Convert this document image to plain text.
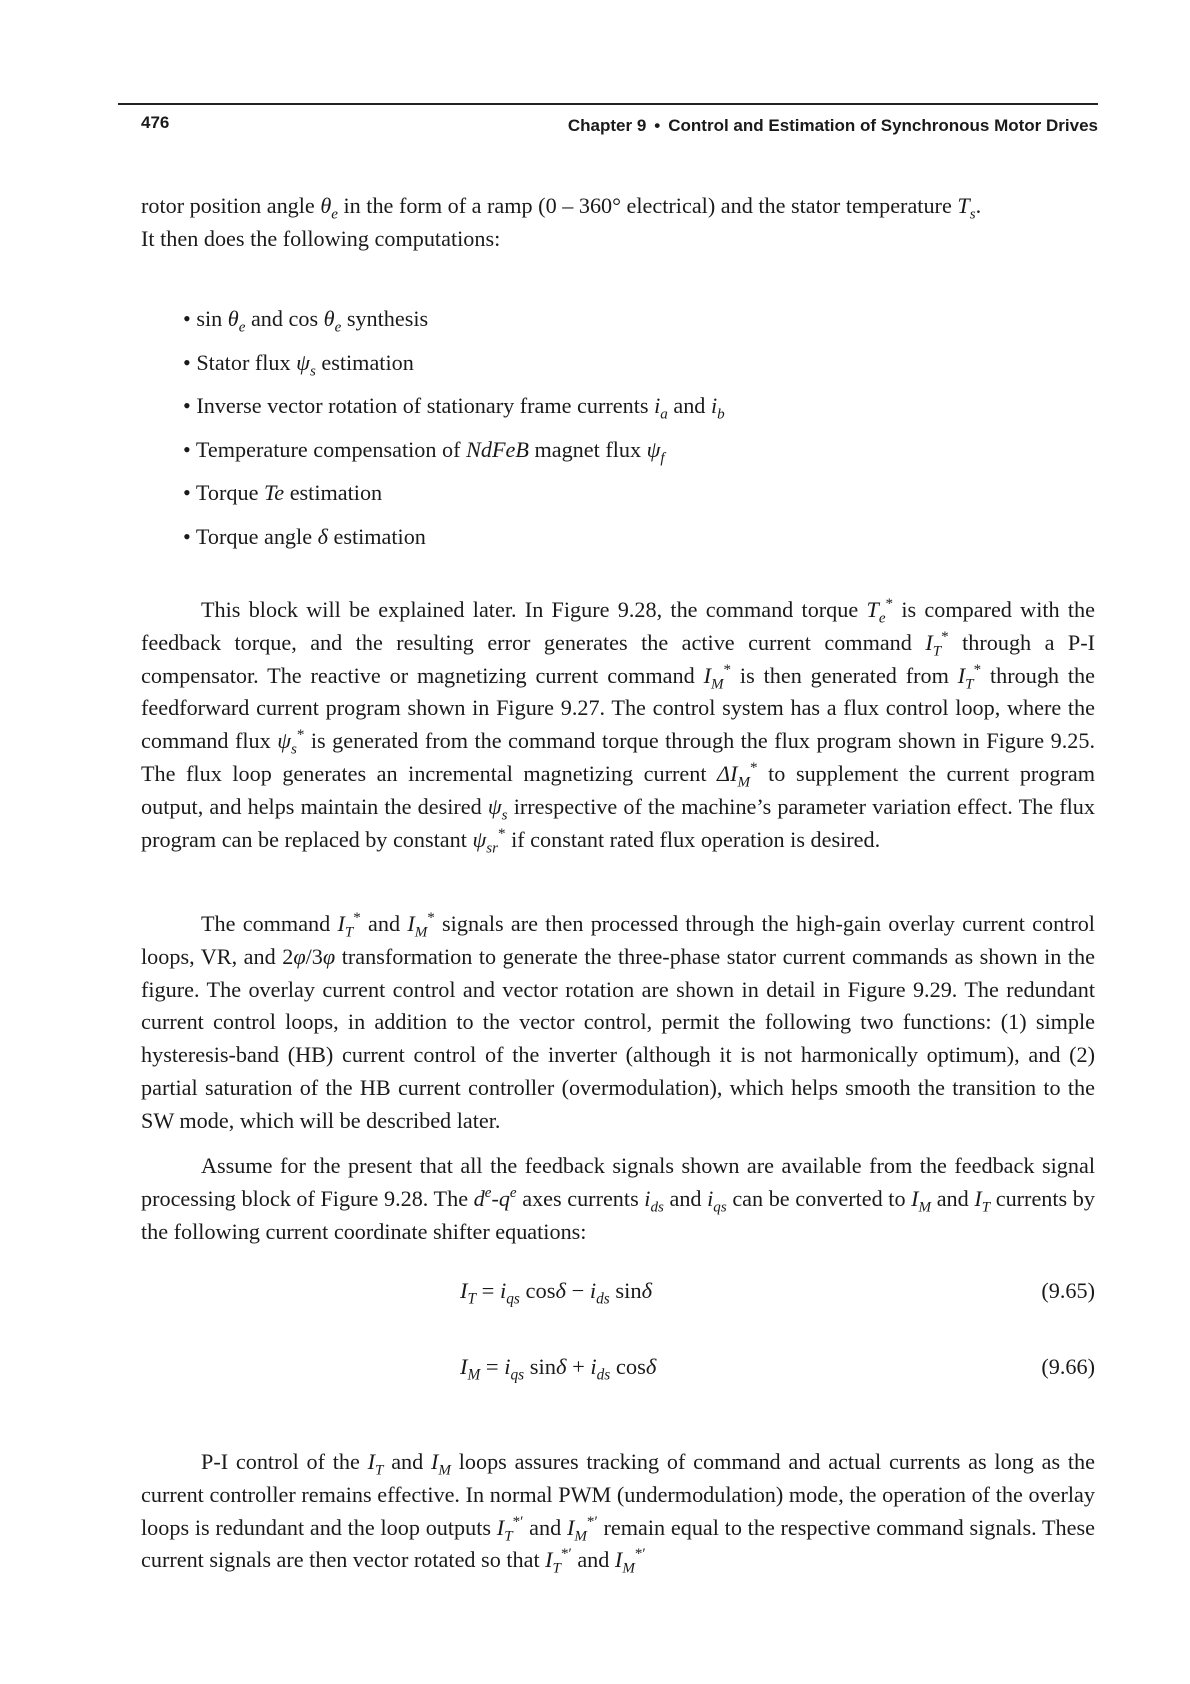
476	Chapter 9 • Control and Estimation of Synchronous Motor Drives
rotor position angle $\theta_e$ in the form of a ramp (0 – 360° electrical) and the stator temperature $T_s$.
It then does the following computations:
• $\sin \theta_e$ and $\cos \theta_e$ synthesis
• Stator flux $\psi_s$ estimation
• Inverse vector rotation of stationary frame currents $i_a$ and $i_b$
• Temperature compensation of NdFeB magnet flux $\psi_f$
• Torque Te estimation
• Torque angle δ estimation
This block will be explained later. In Figure 9.28, the command torque $T_e^*$ is compared with the feedback torque, and the resulting error generates the active current command $I_T^*$ through a P-I compensator. The reactive or magnetizing current command $I_M^*$ is then generated from $I_T^*$ through the feedforward current program shown in Figure 9.27. The control system has a flux control loop, where the command flux $\psi_s^*$ is generated from the command torque through the flux program shown in Figure 9.25. The flux loop generates an incremental magnetizing current $\Delta I_M^*$ to supplement the current program output, and helps maintain the desired $\psi_s$ irrespective of the machine’s parameter variation effect. The flux program can be replaced by constant $\psi_{sr}^*$ if constant rated flux operation is desired.
The command $I_T^*$ and $I_M^*$ signals are then processed through the high-gain overlay current control loops, VR, and 2φ/3φ transformation to generate the three-phase stator current commands as shown in the figure. The overlay current control and vector rotation are shown in detail in Figure 9.29. The redundant current control loops, in addition to the vector control, permit the following two functions: (1) simple hysteresis-band (HB) current control of the inverter (although it is not harmonically optimum), and (2) partial saturation of the HB current controller (overmodulation), which helps smooth the transition to the SW mode, which will be described later.
Assume for the present that all the feedback signals shown are available from the feedback signal processing block of Figure 9.28. The $d^e-q^e$ axes currents $i_{ds}$ and $i_{qs}$ can be converted to $I_M$ and $I_T$ currents by the following current coordinate shifter equations:
$I_T = i_{qs}$ $\cos\delta - i_{ds}$ sinδ	(9.65)
$I_M = i_{qs}$ $\sin\delta + i_{ds}$ cosδ	(9.66)
P-I control of the $I_T$ and $I_M$ loops assures tracking of command and actual currents as long as the current controller remains effective. In normal PWM (undermodulation) mode, the operation of the overlay loops is redundant and the loop outputs $I_T^{*'}$ and $I_M^{*'}$ remain equal to the respective command signals. These current signals are then vector rotated so that $I_T^{*'}$ and $I_M^{*'}$
